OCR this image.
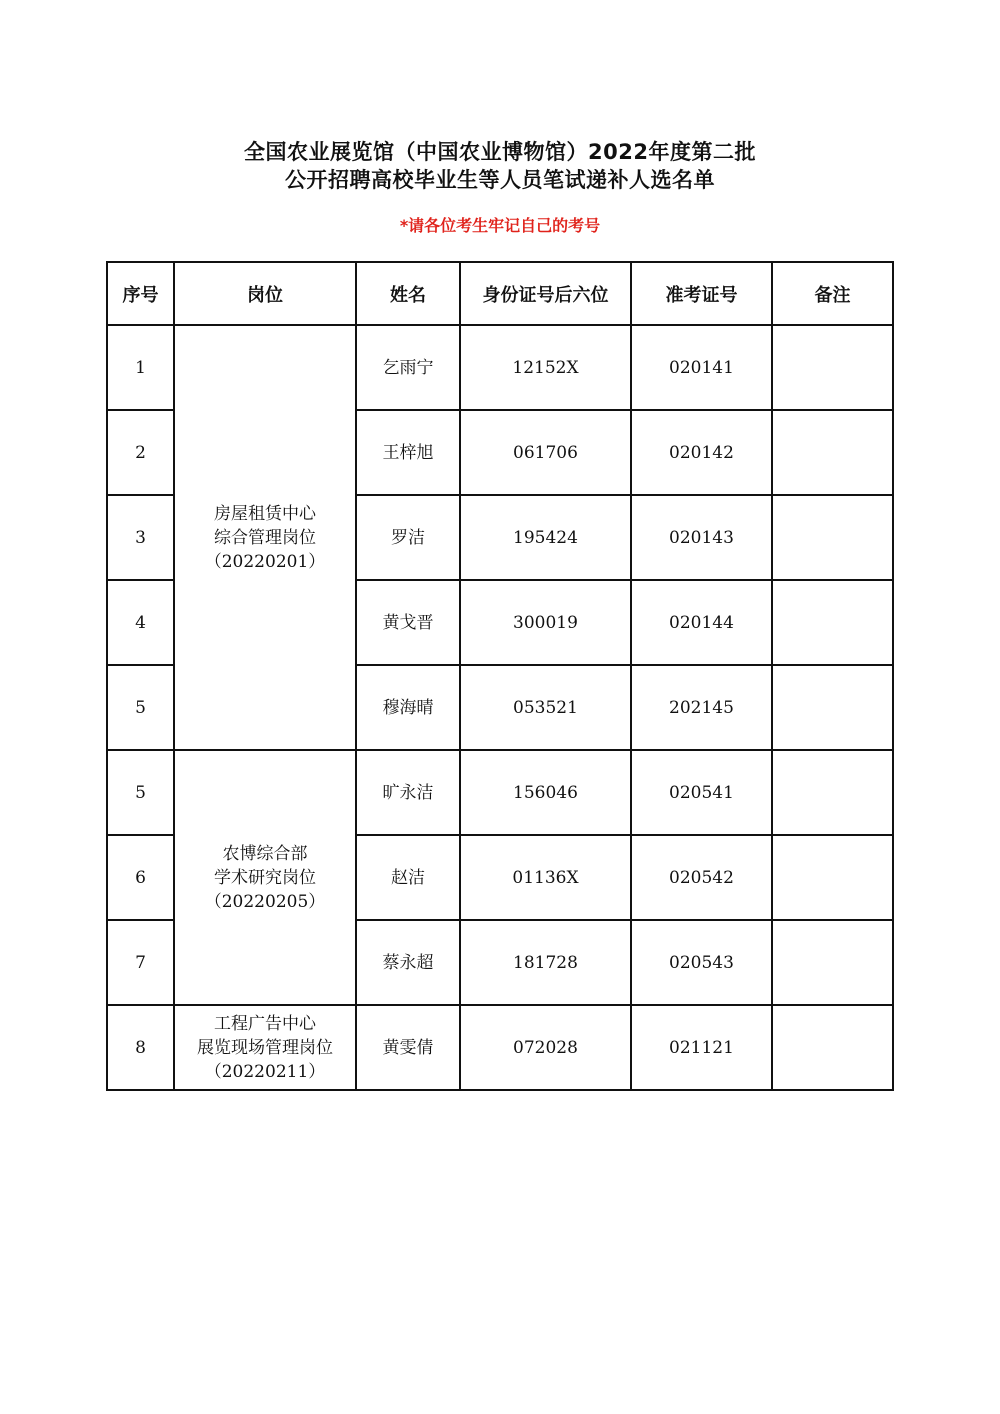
全国农业展览馆（中国农业博物馆）2022年度第二批
公开招聘高校毕业生等人员笔试递补人选名单
*请各位考生牢记自己的考号
序号	岗位	姓名	身份证号后六位	准考证号	备注
1	房屋租赁中心
综合管理岗位
（20220201）	乞雨宁	12152X	020141	
2		王梓旭	061706	020142	
3		罗洁	195424	020143	
4		黄戈晋	300019	020144	
5		穆海晴	053521	202145	
5	农博综合部
学术研究岗位
（20220205）	旷永洁	156046	020541	
6		赵洁	01136X	020542	
7		蔡永超	181728	020543	
8	工程广告中心
展览现场管理岗位
（20220211）	黄雯倩	072028	021121	
